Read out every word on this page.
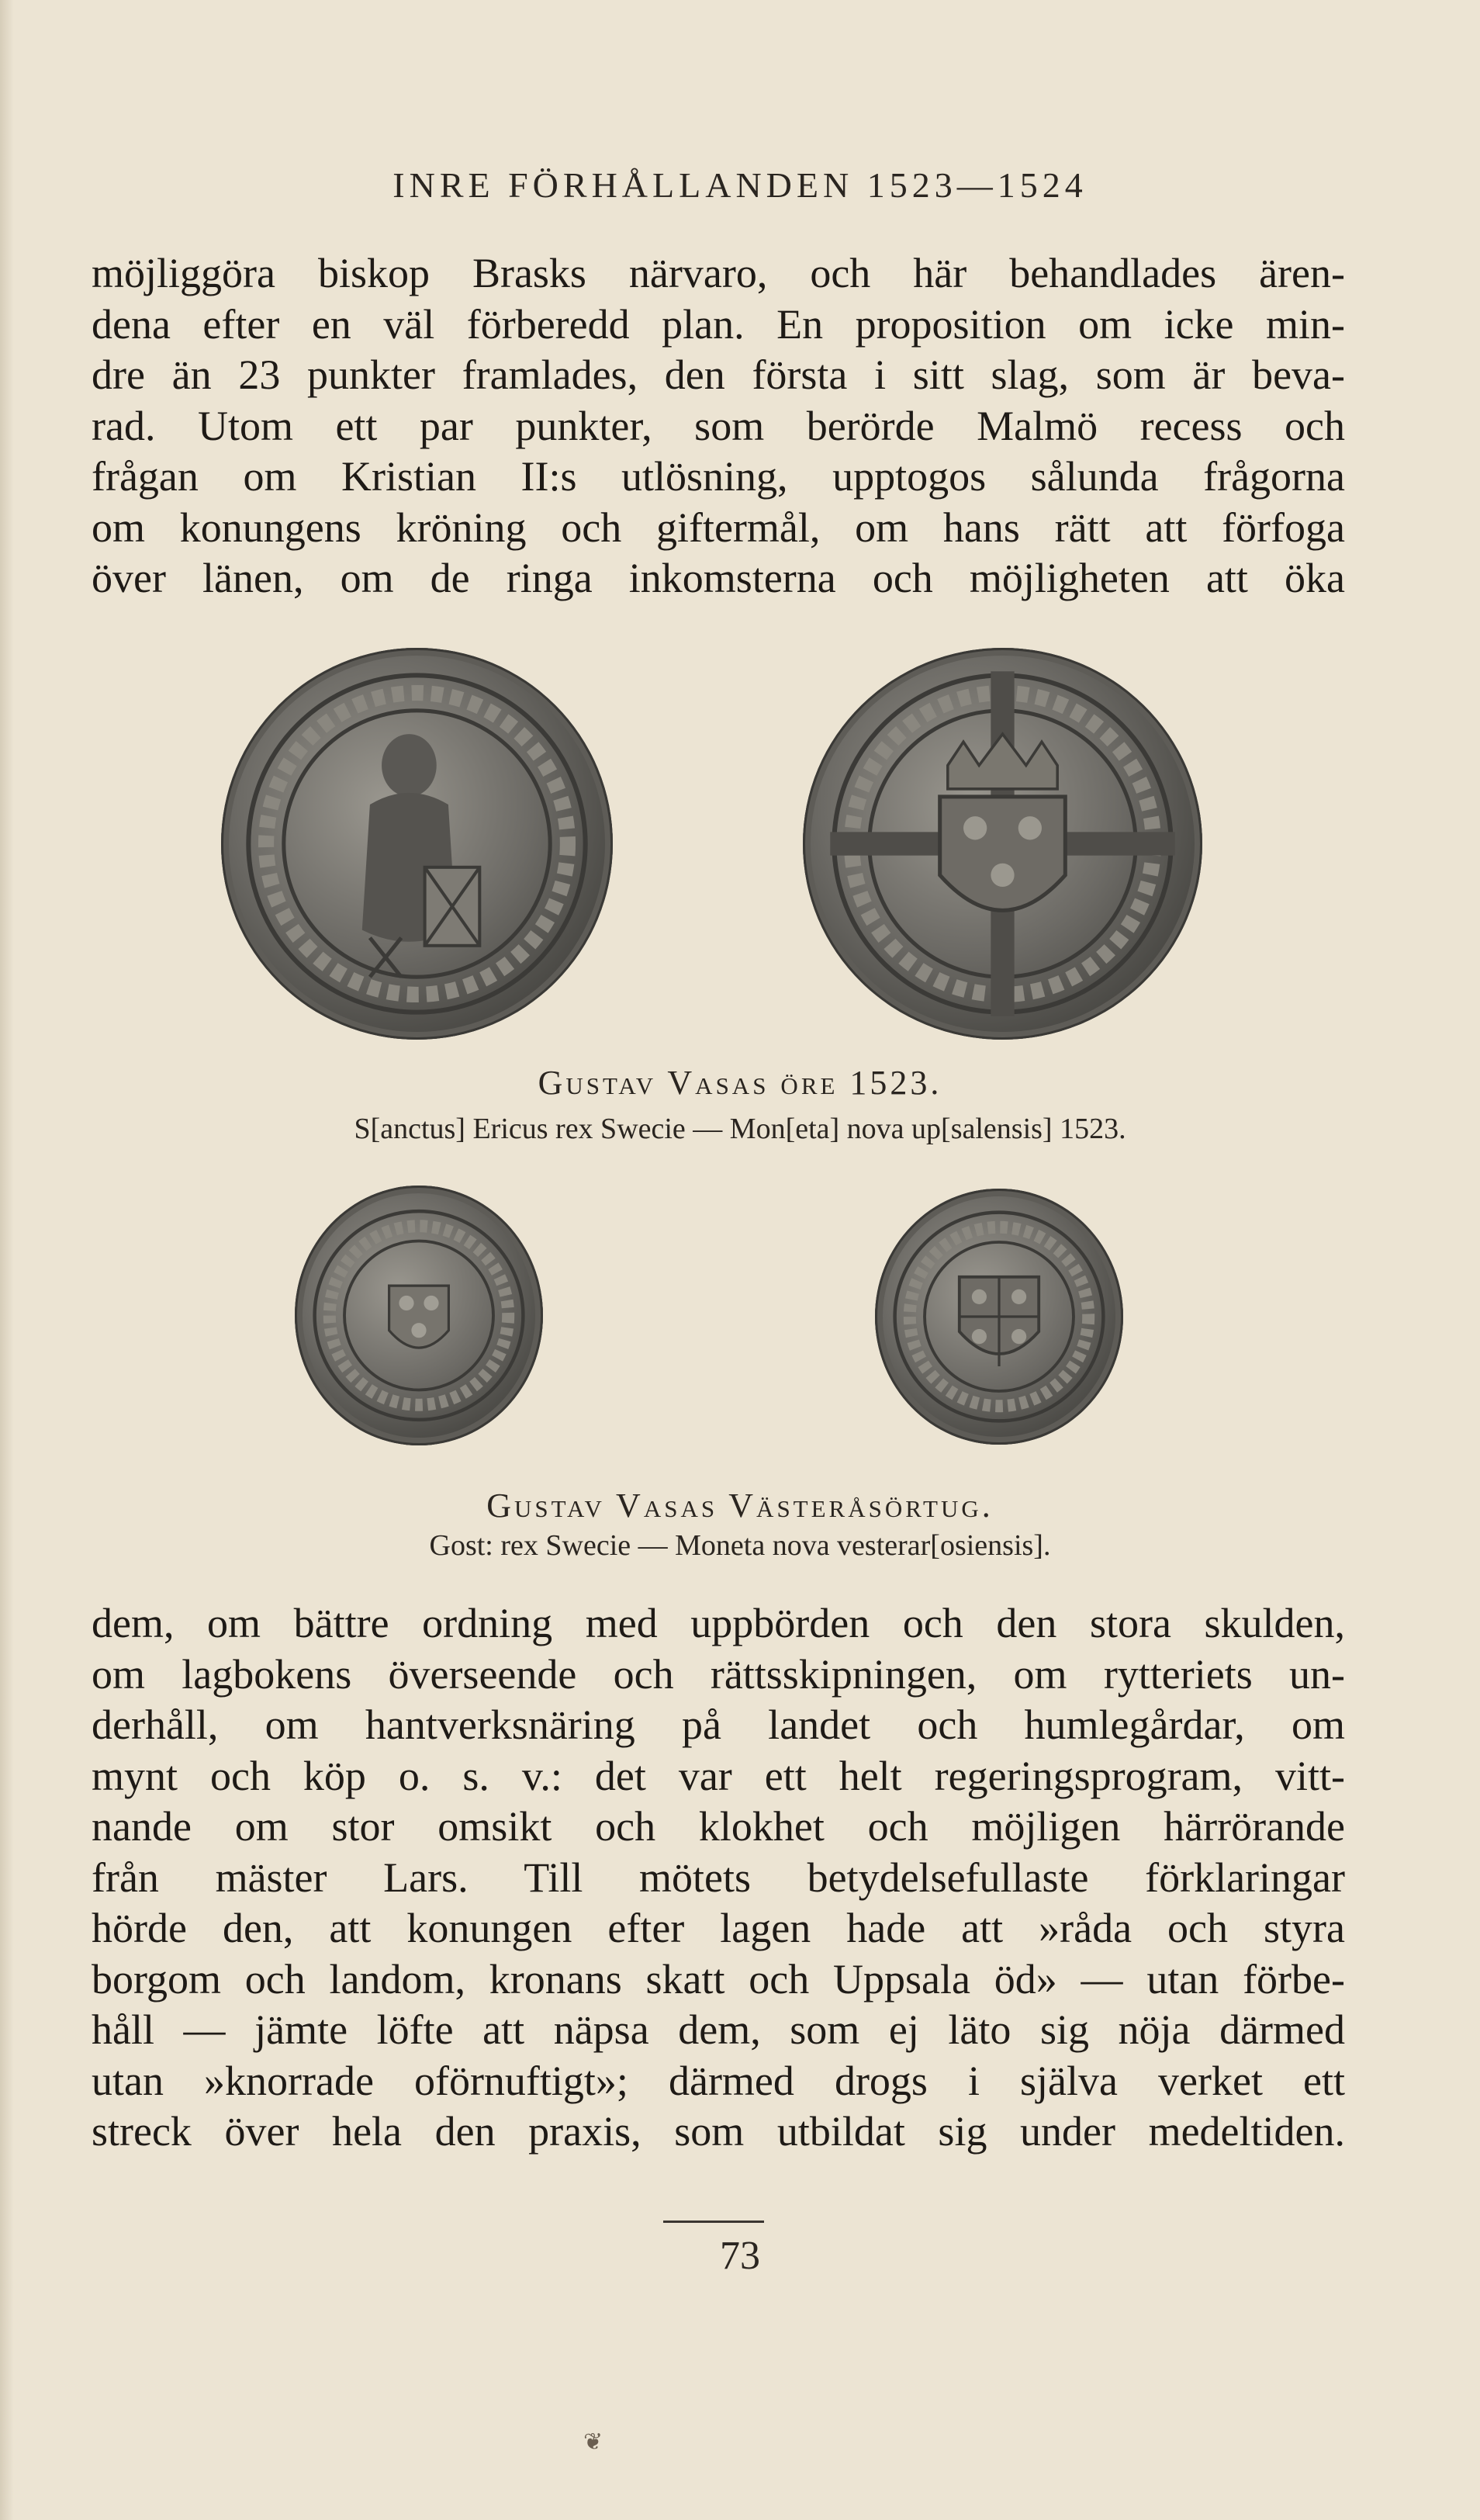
INRE FÖRHÅLLANDEN 1523—1524

möjliggöra biskop Brasks närvaro, och här behandlades ären-
dena efter en väl förberedd plan. En proposition om icke min-
dre än 23 punkter framlades, den första i sitt slag, som är beva-
rad. Utom ett par punkter, som berörde Malmö recess och
frågan om Kristian II:s utlösning, upptogos sålunda frågorna
om konungens kröning och giftermål, om hans rätt att förfoga
över länen, om de ringa inkomsterna och möjligheten att öka

Gustav Vasas öre 1523.
S[anctus] Ericus rex Swecie — Mon[eta] nova up[salensis] 1523.
Gustav Vasas Västeråsörtug.
Gost: rex Swecie — Moneta nova vesterar[osiensis].

dem, om bättre ordning med uppbörden och den stora skulden,
om lagbokens överseende och rättsskipningen, om rytteriets un-
derhåll, om hantverksnäring på landet och humlegårdar, om
mynt och köp o. s. v.: det var ett helt regeringsprogram, vitt-
nande om stor omsikt och klokhet och möjligen härrörande
från mäster Lars. Till mötets betydelsefullaste förklaringar
hörde den, att konungen efter lagen hade att »råda och styra
borgom och landom, kronans skatt och Uppsala öd» — utan förbe-
håll — jämte löfte att näpsa dem, som ej läto sig nöja därmed
utan »knorrade oförnuftigt»; därmed drogs i själva verket ett
streck över hela den praxis, som utbildat sig under medeltiden.

73
❦
